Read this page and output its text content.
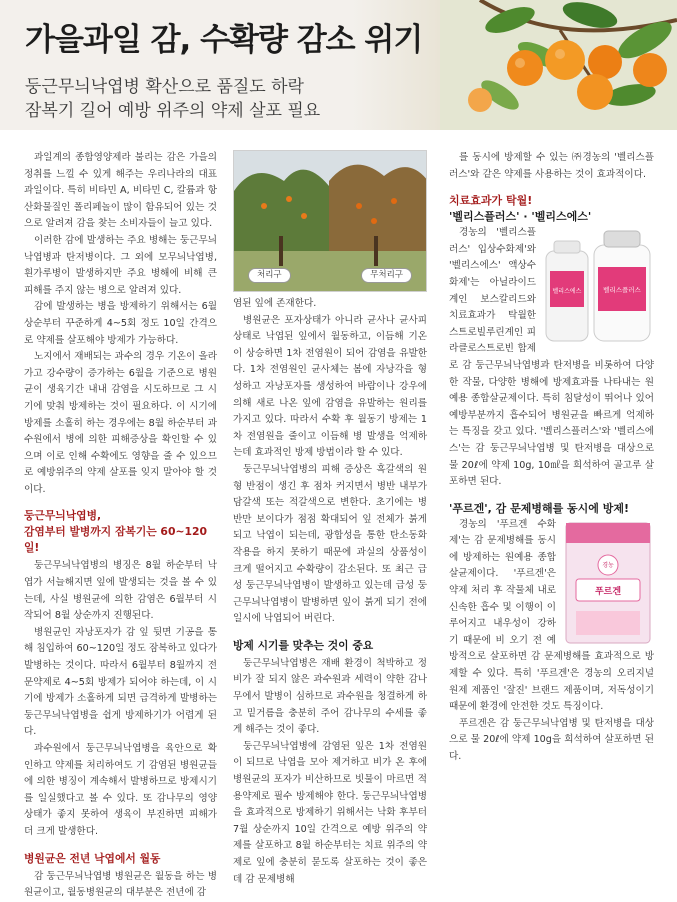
가을과일 감, 수확량 감소 위기
둥근무늬낙엽병 확산으로 품질도 하락
잠복기 길어 예방 위주의 약제 살포 필요

과일계의 종합영양제라 불리는 감은 가을의 정취를 느낄 수 있게 해주는 우리나라의 대표 과일이다. 특히 비타민 A, 비타민 C, 칼륨과 항산화물질인 폴리페놀이 많이 함유되어 있는 것으로 알려져 감을 찾는 소비자들이 늘고 있다.

이러한 감에 발생하는 주요 병해는 둥근무늬낙엽병과 탄저병이다. 그 외에 모무늬낙엽병, 흰가루병이 발생하지만 주요 병해에 비해 큰 피해를 주지 않는 병으로 알려져 있다.

감에 발생하는 병을 방제하기 위해서는 6월 상순부터 꾸준하게 4~5회 정도 10일 간격으로 약제를 살포해야 방제가 가능하다.

노지에서 재배되는 과수의 경우 기온이 올라가고 강수량이 증가하는 6월을 기준으로 병원균이 생육기간 내내 감염을 시도하므로 그 시기에 맞춰 방제하는 것이 필요하다. 이 시기에 방제를 소홀히 하는 경우에는 8월 하순부터 과수원에서 병에 의한 피해증상을 확인할 수 있으며 이로 인해 수확에도 영향을 줄 수 있으므로 예방위주의 약제 살포를 잊지 말아야 할 것이다.

둥근무늬낙엽병,
감염부터 발병까지 잠복기는 60~120일!

둥근무늬낙엽병의 병징은 8월 하순부터 낙엽가 서늘해지면 잎에 발생되는 것을 볼 수 있는데, 사실 병원균에 의한 감염은 6월부터 시작되어 8월 상순까지 진행된다.

병원균인 자낭포자가 감 잎 뒷면 기공을 통해 침입하여 60~120일 정도 잠복하고 있다가 발병하는 것이다. 따라서 6월부터 8월까지 전문약제로 4~5회 방제가 되어야 하는데, 이 시기에 방제가 소홀하게 되면 급격하게 발병하는 둥근무늬낙엽병을 쉽게 방제하기가 어렵게 된다.

과수원에서 둥근무늬낙엽병을 육안으로 확인하고 약제를 처리하여도 기 감염된 병원균들에 의한 병징이 계속해서 발병하므로 방제시기를 일실했다고 볼 수 있다. 또 감나무의 영양 상태가 좋지 못하여 생육이 부진하면 피해가 더 크게 발생한다.

병원균은 전년 낙엽에서 월동

감 둥근무늬낙엽병 병원균은 월동을 하는 병원균이고, 월동병원균의 대부분은 전년에 감

처리구	무처리구

염된 잎에 존재한다.

병원균은 포자상태가 아니라 균사나 균사피 상태로 낙엽된 잎에서 월동하고, 이듬해 기온이 상승하면 1차 전염원이 되어 감염을 유발한다. 1차 전염원인 균사체는 봄에 자낭각을 형성하고 자낭포자를 생성하여 바람이나 강우에 의해 새로 나온 잎에 감염을 유발하는 원리를 가지고 있다. 따라서 수확 후 월동기 방제는 1차 전염원을 줄이고 이듬해 병 발생을 억제하는데 효과적인 방제 방법이라 할 수 있다.

둥근무늬낙엽병의 피해 증상은 흑갈색의 원형 반점이 생긴 후 점차 커지면서 병반 내부가 담갈색 또는 적갈색으로 변한다. 초기에는 병반만 보이다가 점점 확대되어 잎 전체가 붉게 되고 낙엽이 되는데, 광합성을 통한 탄소동화작용을 하지 못하기 때문에 과실의 상품성이 크게 떨어지고 수확량이 감소된다. 또 최근 급성 둥근무늬낙엽병이 발생하고 있는데 급성 둥근무늬낙엽병이 발병하면 잎이 붉게 되기 전에 일시에 낙엽되어 버린다.

방제 시기를 맞추는 것이 중요

둥근무늬낙엽병은 재배 환경이 척박하고 정비가 잘 되지 않은 과수원과 세력이 약한 감나무에서 발병이 심하므로 과수원을 청결하게 하고 밑거름을 충분히 주어 감나무의 수세를 좋게 해주는 것이 좋다.

둥근무늬낙엽병에 감염된 잎은 1차 전염원이 되므로 낙엽을 모아 제거하고 비가 온 후에 병원균의 포자가 비산하므로 빗물이 마르면 적용약제로 필수 방제해야 한다. 둥근무늬낙엽병을 효과적으로 방제하기 위해서는 낙화 후부터 7월 상순까지 10일 간격으로 예방 위주의 약제를 살포하고 8월 하순부터는 치료 위주의 약제로 잎에 충분히 묻도록 살포하는 것이 좋은데 감 문제병해

를 동시에 방제할 수 있는 ㈜경농의 '벨리스플러스'와 같은 약제를 사용하는 것이 효과적이다.

치료효과가 탁월!
'벨리스플러스' · '벨리스에스'
벨리스에스	벨리스플러스

경농의 '벨리스플러스' 입상수화제'와 '벨리스에스' 액상수화제'는 아닐라이드계인 보스칼리드와 치료효과가 탁월한 스트로빌루린계인 피라클로스트로빈 합제로 감 둥근무늬낙엽병과 탄저병을 비롯하여 다양한 작물, 다양한 병해에 방제효과를 나타내는 원예용 종합살균제이다. 특히 침달성이 뛰어나 있어 예방부분까지 흡수되어 병원균을 빠르게 억제하는 특징을 갖고 있다. '벨리스플러스'와 '벨리스에스'는 감 둥근무늬낙엽병 및 탄저병을 대상으로 물 20ℓ에 약제 10g, 10㎖을 희석하여 골고루 살포하면 된다.

'푸르겐', 감 문제병해를 동시에 방제!
경농
푸르겐

경농의 '푸르겐 수화제'는 감 문제병해를 동시에 방제하는 원예용 종합살균제이다. '푸르겐'은 약제 처리 후 작물체 내로 신속한 흡수 및 이행이 이루어지고 내우성이 강하기 때문에 비 오기 전 예방적으로 살포하면 감 문제병해를 효과적으로 방제할 수 있다. 특히 '푸르겐'은 경농의 오리지널 원제 제품인 '잘진' 브랜드 제품이며, 저독성이기 때문에 환경에 안전한 것도 특징이다.

푸르겐은 감 둥근무늬낙엽병 및 탄저병을 대상으로 물 20ℓ에 약제 10g을 희석하여 살포하면 된다.
